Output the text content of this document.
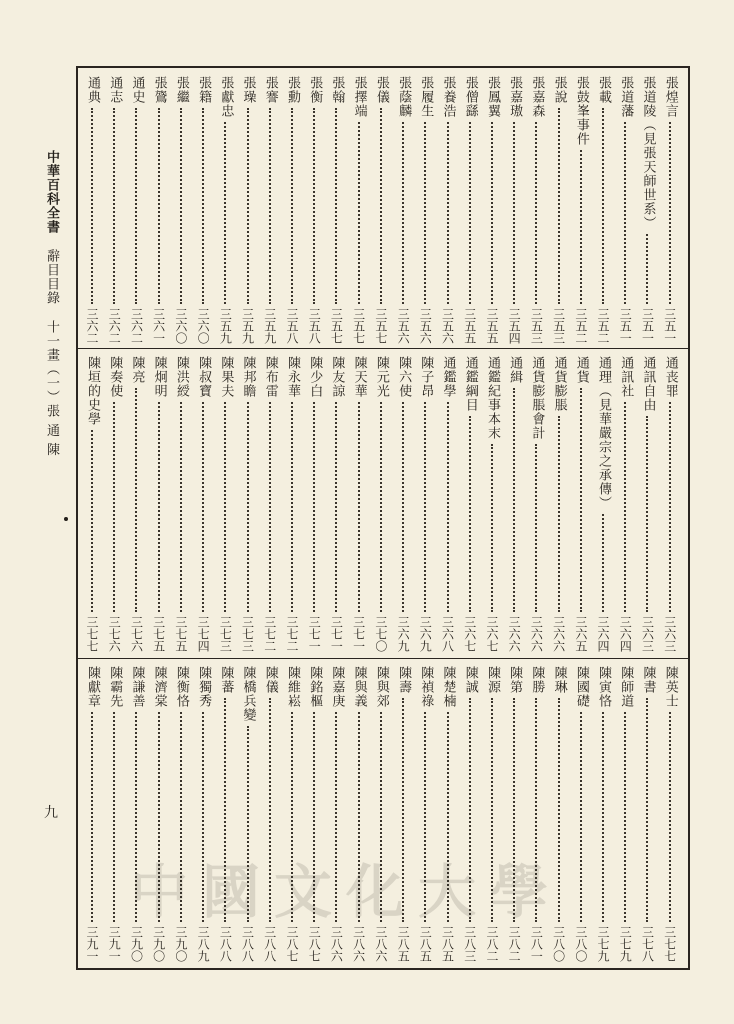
中華百科全書 辭目目錄 十一畫（一）張 通 陳
九
張煌言
三五一
張道陵（見張天師世系）
三五一
張道藩
三五一
張載
三五二
張鼓峯事件
三五二
張說
三五三
張嘉森
三五三
張嘉璈
三五四
張鳳翼
三五五
張僧繇
三五五
張養浩
三五六
張履生
三五六
張蔭麟
三五六
張儀
三五七
張擇端
三五七
張翰
三五七
張衡
三五八
張勳
三五八
張謇
三五九
張璪
三五九
張獻忠
三五九
張籍
三六〇
張繼
三六〇
張鷟
三六一
通史
三六二
通志
三六二
通典
三六二
通丧罪
三六三
通訊自由
三六三
通訊社
三六四
通理（見華嚴宗之承傳）
三六四
通貨
三六五
通貨膨脹
三六六
通貨膨脹會計
三六六
通緝
三六六
通鑑紀事本末
三六七
通鑑綱目
三六七
通鑑學
三六八
陳子昂
三六九
陳六使
三六九
陳元光
三七〇
陳天華
三七一
陳友諒
三七一
陳少白
三七一
陳永華
三七二
陳布雷
三七二
陳邦瞻
三七三
陳果夫
三七三
陳叔寶
三七四
陳洪綬
三七五
陳炯明
三七五
陳亮
三七六
陳奏使
三七六
陳垣的史學
三七七
陳英士
三七七
陳書
三七八
陳師道
三七九
陳寅恪
三七九
陳國礎
三八〇
陳琳
三八〇
陳勝
三八一
陳第
三八二
陳源
三八二
陳誠
三八三
陳楚楠
三八五
陳禎祿
三八五
陳壽
三八五
陳與郊
三八六
陳與義
三八六
陳嘉庚
三八六
陳銘樞
三八七
陳維崧
三八七
陳儀
三八八
陳橋兵變
三八八
陳蕃
三八八
陳獨秀
三八九
陳衡恪
三九〇
陳濟棠
三九〇
陳謙善
三九〇
陳霸先
三九一
陳獻章
三九一
中國文化大學
